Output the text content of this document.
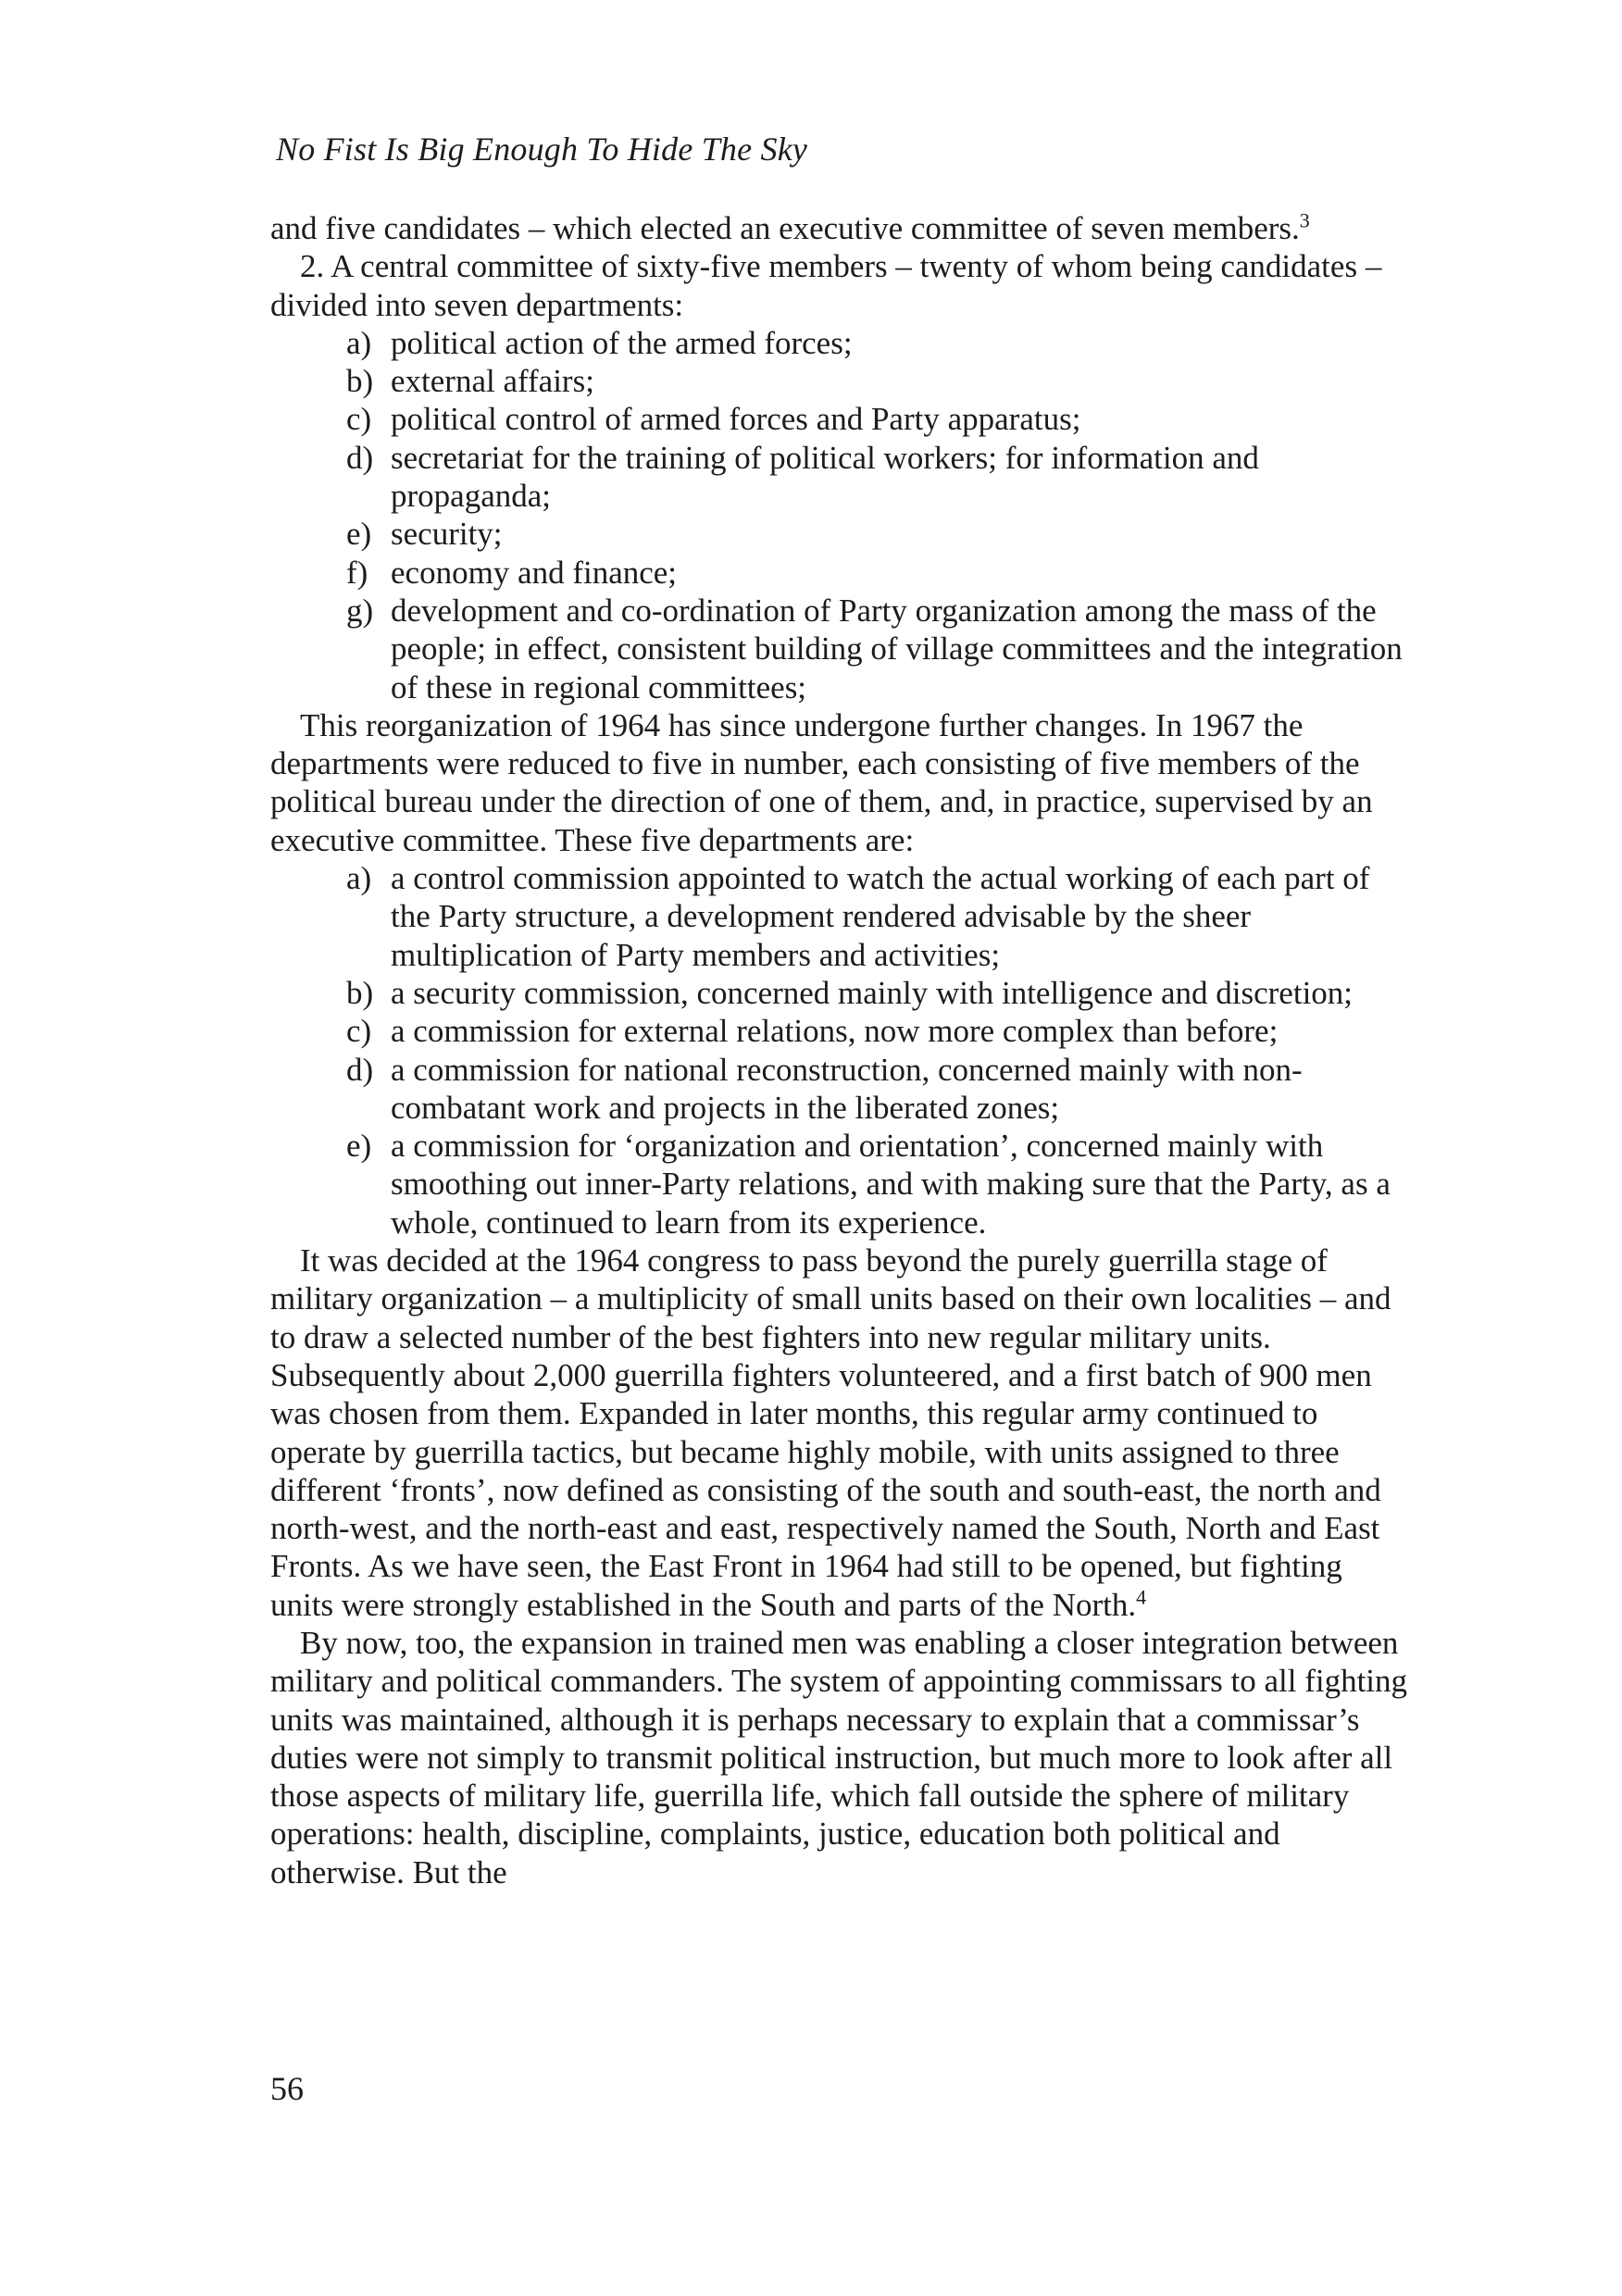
No Fist Is Big Enough To Hide The Sky

and five candidates – which elected an executive committee of seven members.$^3$

2. A central committee of sixty-five members – twenty of whom being candidates – divided into seven departments:

a) political action of the armed forces;
b) external affairs;
c) political control of armed forces and Party apparatus;
d) secretariat for the training of political workers; for information and propaganda;
e) security;
f) economy and finance;
g) development and co-ordination of Party organization among the mass of the people; in effect, consistent building of village committees and the integration of these in regional committees;

This reorganization of 1964 has since undergone further changes. In 1967 the departments were reduced to five in number, each consisting of five members of the political bureau under the direction of one of them, and, in practice, supervised by an executive committee. These five departments are:

a) a control commission appointed to watch the actual working of each part of the Party structure, a development rendered advisable by the sheer multiplication of Party members and activities;
b) a security commission, concerned mainly with intelligence and discretion;
c) a commission for external relations, now more complex than before;
d) a commission for national reconstruction, concerned mainly with non-combatant work and projects in the liberated zones;
e) a commission for ‘organization and orientation’, concerned mainly with smoothing out inner-Party relations, and with making sure that the Party, as a whole, continued to learn from its experience.

It was decided at the 1964 congress to pass beyond the purely guerrilla stage of military organization – a multiplicity of small units based on their own localities – and to draw a selected number of the best fighters into new regular military units. Subsequently about 2,000 guerrilla fighters volunteered, and a first batch of 900 men was chosen from them. Expanded in later months, this regular army continued to operate by guerrilla tactics, but became highly mobile, with units assigned to three different ‘fronts’, now defined as consisting of the south and south-east, the north and north-west, and the north-east and east, respectively named the South, North and East Fronts. As we have seen, the East Front in 1964 had still to be opened, but fighting units were strongly established in the South and parts of the North.$^4$

By now, too, the expansion in trained men was enabling a closer integration between military and political commanders. The system of appointing commissars to all fighting units was maintained, although it is perhaps necessary to explain that a commissar’s duties were not simply to transmit political instruction, but much more to look after all those aspects of military life, guerrilla life, which fall outside the sphere of military operations: health, discipline, complaints, justice, education both political and otherwise. But the

56
